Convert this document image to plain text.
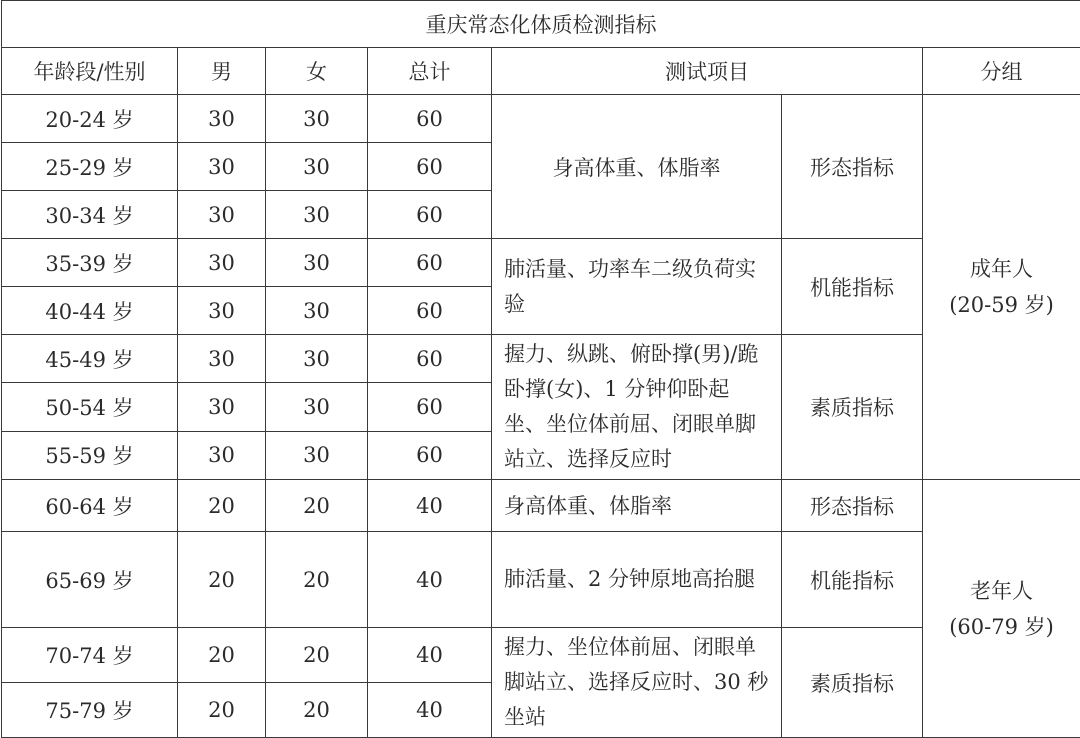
重庆常态化体质检测指标						
年龄段/性别	男	女	总计	测试项目		分组
20-24 岁	30	30	60	身高体重、体脂率	形态指标	成年人
(20-59 岁)

25-29 岁	30	30	60			
30-34 岁	30	30	60			
35-39 岁	30	30	60	肺活量、功率车二级负荷实验	机能指标	
40-44 岁	30	30	60			
45-49 岁	30	30	60	握力、纵跳、俯卧撑(男)/跪卧撑(女)、1 分钟仰卧起坐、坐位体前屈、闭眼单脚站立、选择反应时	素质指标	
50-54 岁	30	30	60			
55-59 岁	30	30	60			
60-64 岁	20	20	40	身高体重、体脂率	形态指标	老年人
(60-79 岁)

65-69 岁	20	20	40	肺活量、2 分钟原地高抬腿	机能指标	
70-74 岁	20	20	40	握力、坐位体前屈、闭眼单脚站立、选择反应时、30 秒坐站	素质指标	
75-79 岁	20	20	40			
